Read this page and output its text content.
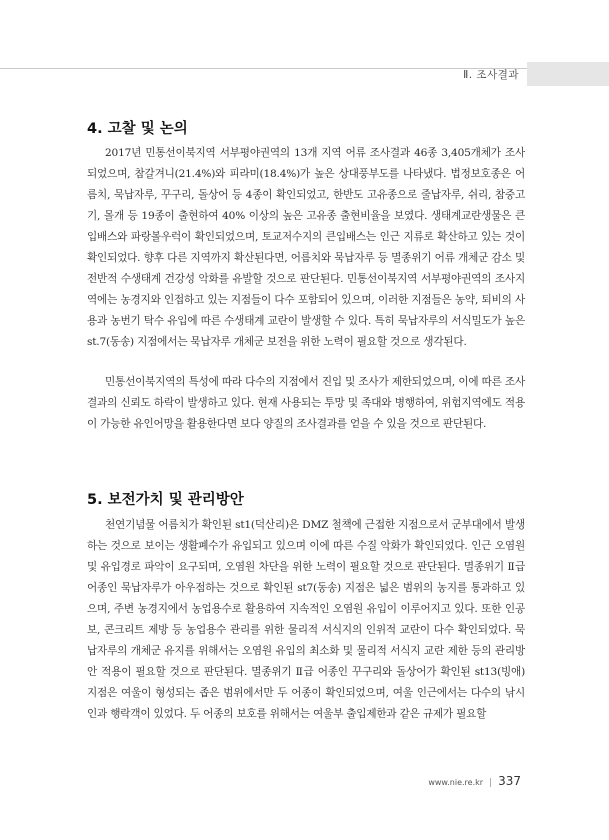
Ⅱ. 조사결과
4. 고찰 및 논의

2017년 민통선이북지역 서부평야권역의 13개 지역 어류 조사결과 46종 3,405개체가 조사되었으며, 참갈겨니(21.4%)와 피라미(18.4%)가 높은 상대풍부도를 나타냈다. 법정보호종은 어름치, 묵납자루, 꾸구리, 돌상어 등 4종이 확인되었고, 한반도 고유종으로 줄납자루, 쉬리, 참중고기, 몰개 등 19종이 출현하여 40% 이상의 높은 고유종 출현비율을 보였다. 생태계교란생물은 큰입배스와 파랑볼우럭이 확인되었으며, 토교저수지의 큰입배스는 인근 지류로 확산하고 있는 것이 확인되었다. 향후 다른 지역까지 확산된다면, 어름치와 묵납자루 등 멸종위기 어류 개체군 감소 및 전반적 수생태계 건강성 악화를 유발할 것으로 판단된다. 민통선이북지역 서부평야권역의 조사지역에는 농경지와 인접하고 있는 지점들이 다수 포함되어 있으며, 이러한 지점들은 농약, 퇴비의 사용과 농번기 탁수 유입에 따른 수생태계 교란이 발생할 수 있다. 특히 묵납자루의 서식밀도가 높은 st.7(동송) 지점에서는 묵납자루 개체군 보전을 위한 노력이 필요할 것으로 생각된다.

민통선이북지역의 특성에 따라 다수의 지점에서 진입 및 조사가 제한되었으며, 이에 따른 조사결과의 신뢰도 하락이 발생하고 있다. 현재 사용되는 투망 및 족대와 병행하여, 위험지역에도 적용이 가능한 유인어망을 활용한다면 보다 양질의 조사결과를 얻을 수 있을 것으로 판단된다.

5. 보전가치 및 관리방안

천연기념물 어름치가 확인된 st1(덕산리)은 DMZ 철책에 근접한 지점으로서 군부대에서 발생하는 것으로 보이는 생활폐수가 유입되고 있으며 이에 따른 수질 악화가 확인되었다. 인근 오염원 및 유입경로 파악이 요구되며, 오염원 차단을 위한 노력이 필요할 것으로 판단된다. 멸종위기 Ⅱ급 어종인 묵납자루가 아우점하는 것으로 확인된 st7(동송) 지점은 넓은 범위의 농지를 통과하고 있으며, 주변 농경지에서 농업용수로 활용하여 지속적인 오염원 유입이 이루어지고 있다. 또한 인공보, 콘크리트 제방 등 농업용수 관리를 위한 물리적 서식지의 인위적 교란이 다수 확인되었다. 묵납자루의 개체군 유지를 위해서는 오염원 유입의 최소화 및 물리적 서식지 교란 제한 등의 관리방안 적용이 필요할 것으로 판단된다. 멸종위기 Ⅱ급 어종인 꾸구리와 돌상어가 확인된 st13(빙애) 지점은 여울이 형성되는 좁은 범위에서만 두 어종이 확인되었으며, 여울 인근에서는 다수의 낚시인과 행락객이 있었다. 두 어종의 보호를 위해서는 여울부 출입제한과 같은 규제가 필요할

www.nie.re.kr | 337
